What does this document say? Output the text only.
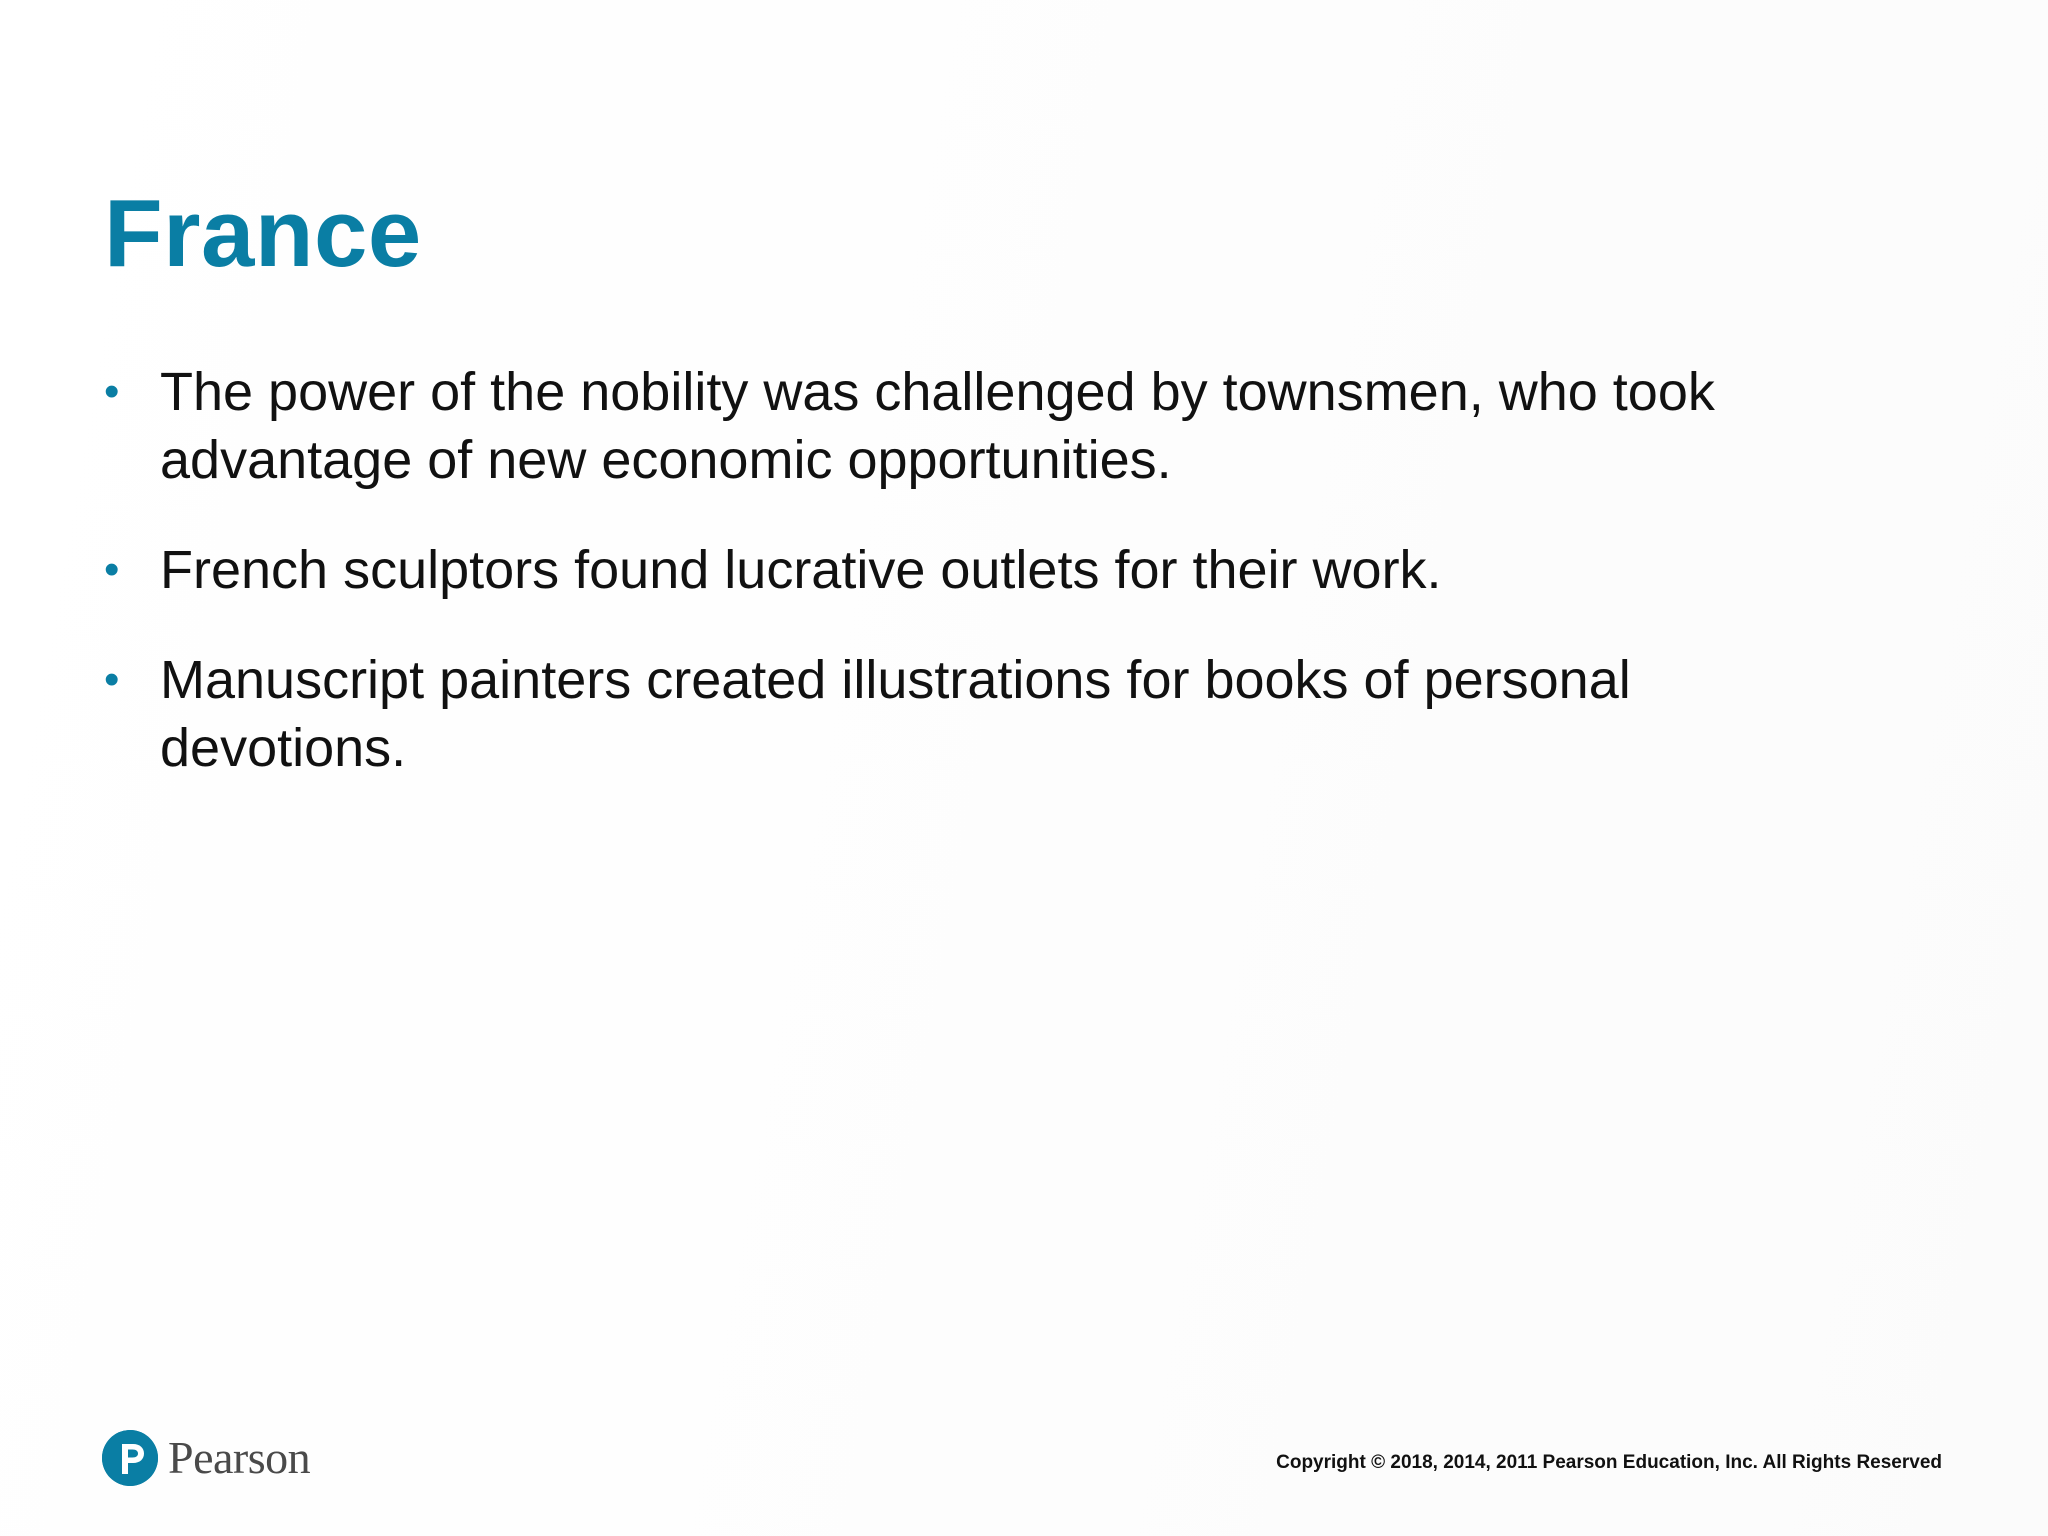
France
• The power of the nobility was challenged by townsmen, who took advantage of new economic opportunities.
• French sculptors found lucrative outlets for their work.
• Manuscript painters created illustrations for books of personal devotions.
Pearson	Copyright © 2018, 2014, 2011 Pearson Education, Inc. All Rights Reserved
